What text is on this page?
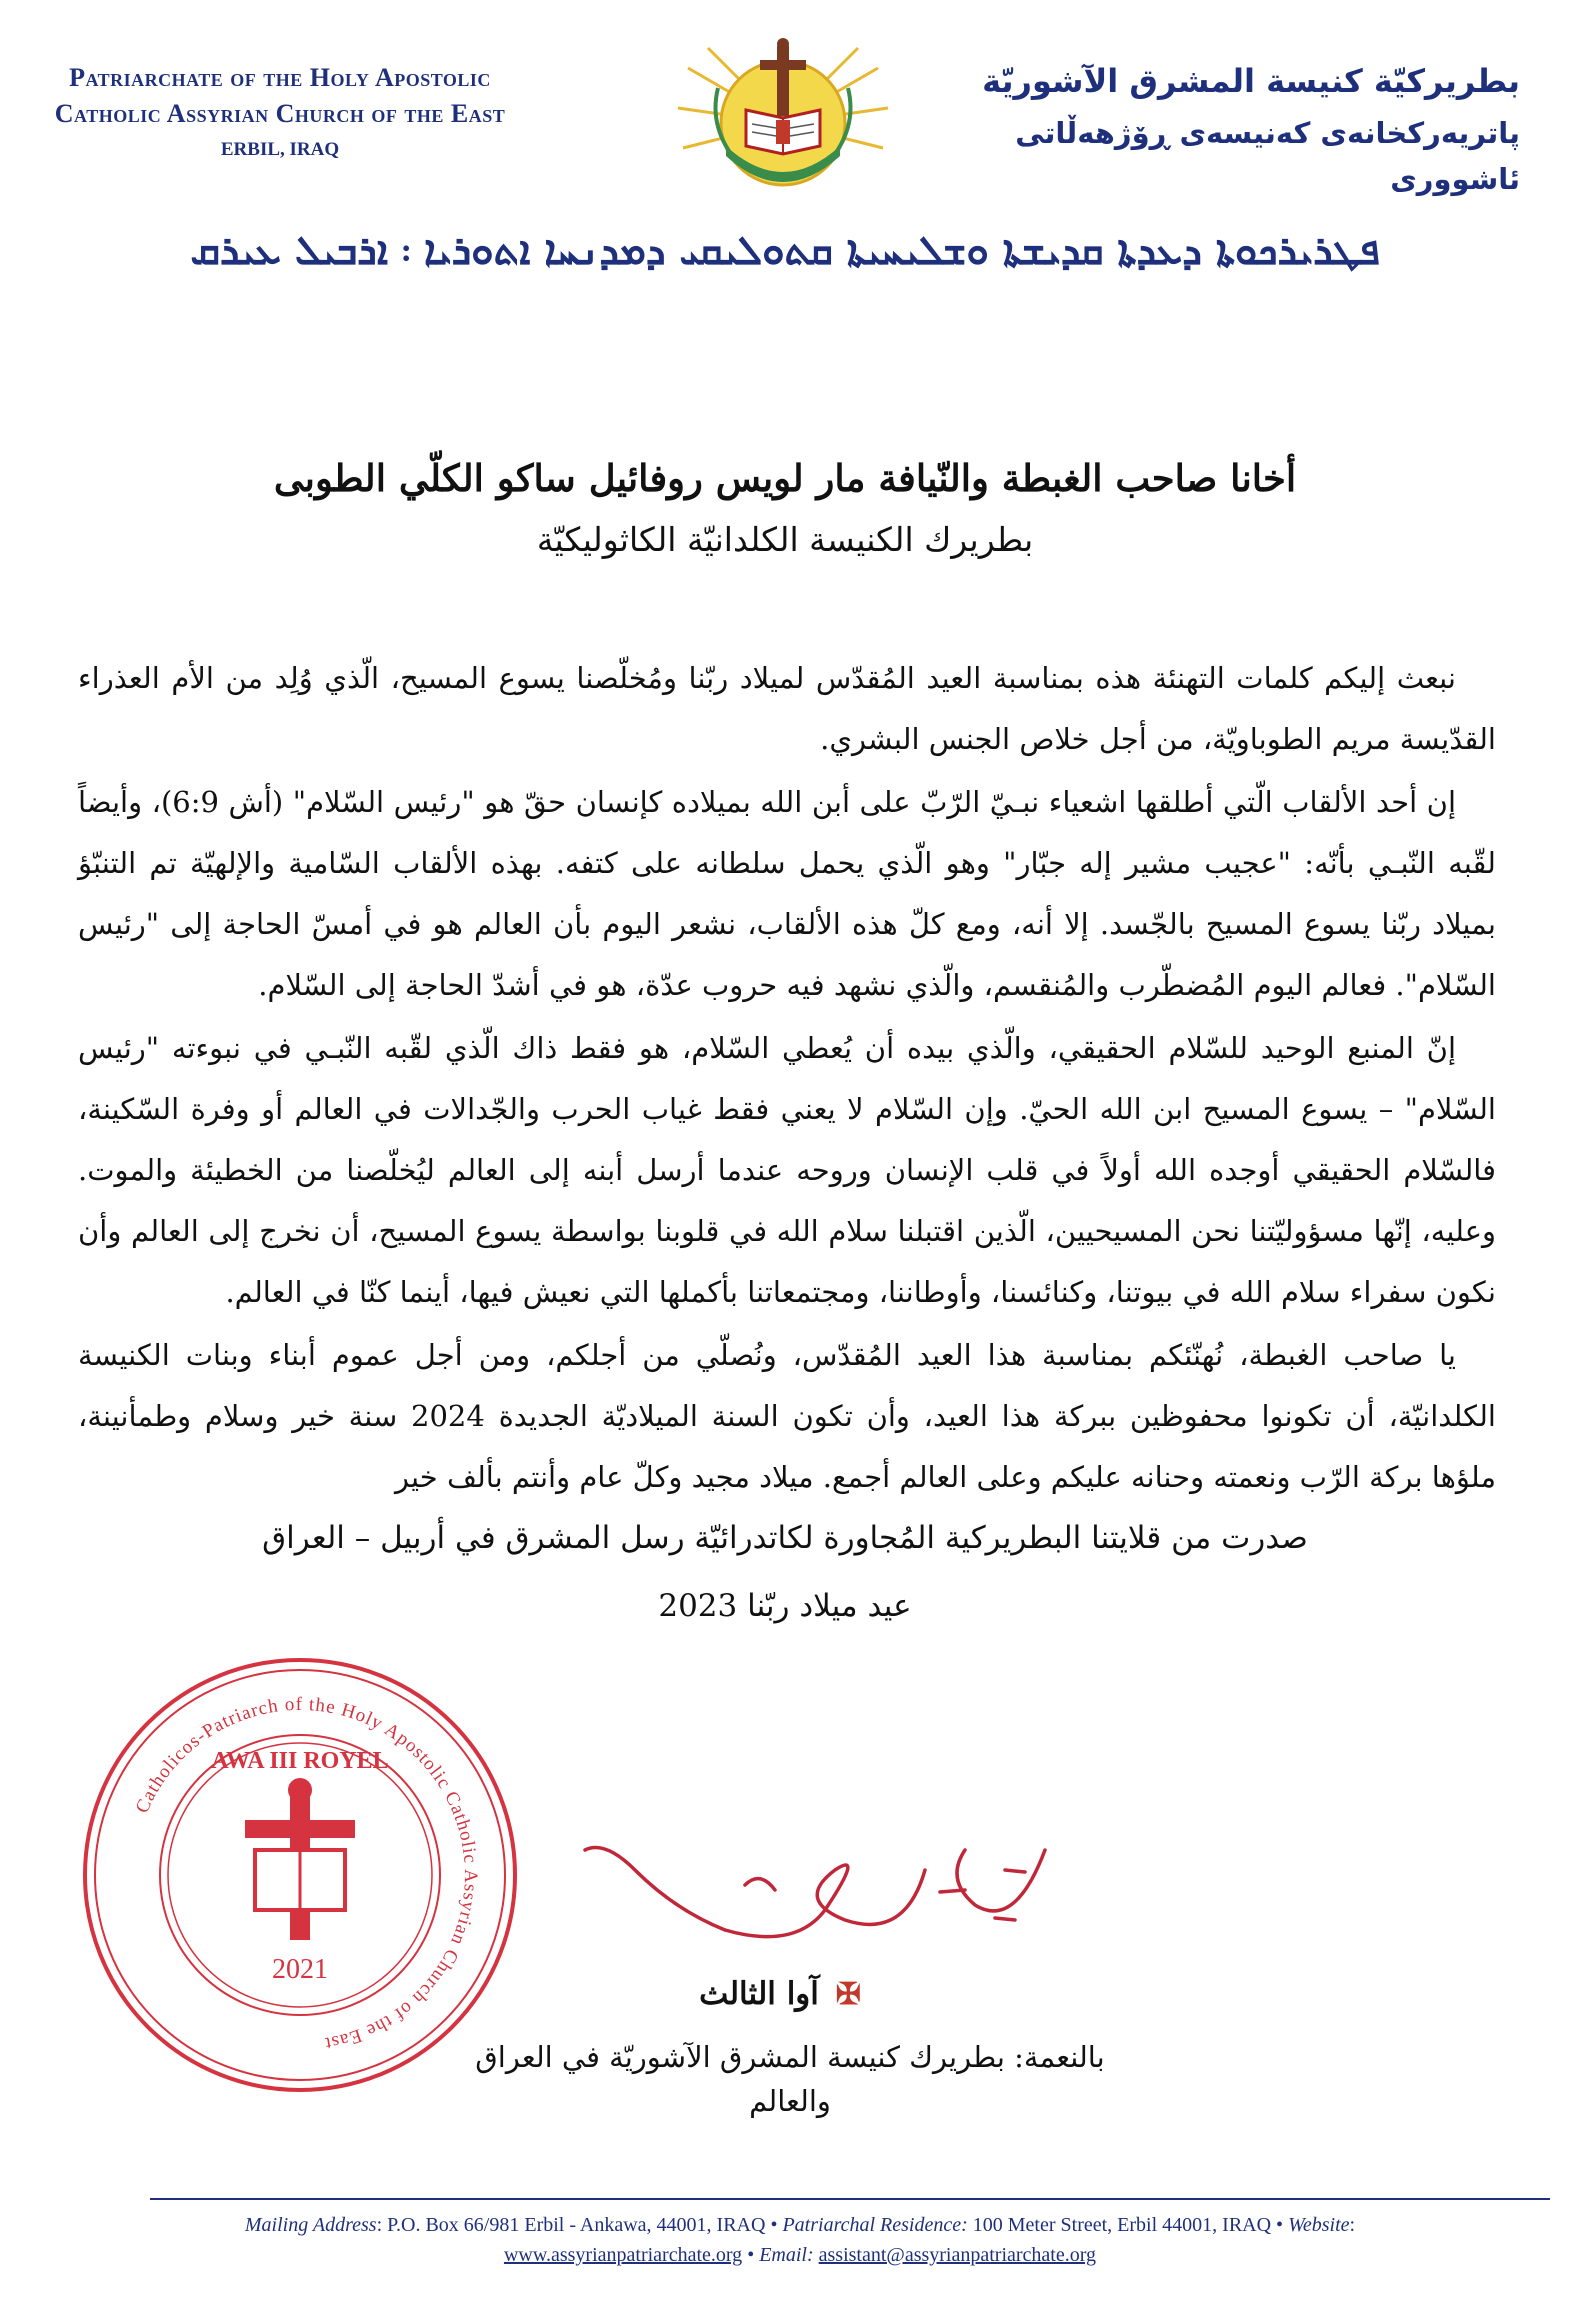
Patriarchate of the Holy Apostolic
Catholic Assyrian Church of the East
ERBIL, IRAQ
بطريركيّة كنيسة المشرق الآشوريّة
پاتريەرکخانەی کەنیسەی ڕۆژهەڵاتی ئاشووری
ܦܛܪܝܪܟܘܬܐ ܕܥܕܬܐ ܩܕܝܫܬܐ ܘܫܠܝܚܝܬܐ ܩܬܘܠܝܩܝ ܕܡܕܢܚܐ ܐܬܘܪܝܐ ܃ ܐܪܒܝܠ ܥܝܪܩ
أخانا صاحب الغبطة والنّيافة مار لويس روفائيل ساكو الكلّي الطوبى
بطريرك الكنيسة الكلدانيّة الكاثوليكيّة

نبعث إليكم كلمات التهنئة هذه بمناسبة العيد المُقدّس لميلاد ربّنا ومُخلّصنا يسوع المسيح، الّذي وُلِد من الأم العذراء القدّيسة مريم الطوباويّة، من أجل خلاص الجنس البشري.

إن أحد الألقاب الّتي أطلقها اشعياء نبـيّ الرّبّ على أبن الله بميلاده كإنسان حقّ هو "رئيس السّلام" (أش 6:9)، وأيضاً لقّبه النّبـي بأنّه: "عجيب مشير إله جبّار" وهو الّذي يحمل سلطانه على كتفه. بهذه الألقاب السّامية والإلهيّة تم التنبّؤ بميلاد ربّنا يسوع المسيح بالجّسد. إلا أنه، ومع كلّ هذه الألقاب، نشعر اليوم بأن العالم هو في أمسّ الحاجة إلى "رئيس السّلام". فعالم اليوم المُضطّرب والمُنقسم، والّذي نشهد فيه حروب عدّة، هو في أشدّ الحاجة إلى السّلام.

إنّ المنبع الوحيد للسّلام الحقيقي، والّذي بيده أن يُعطي السّلام، هو فقط ذاك الّذي لقّبه النّبـي في نبوءته "رئيس السّلام" – يسوع المسيح ابن الله الحيّ. وإن السّلام لا يعني فقط غياب الحرب والجّدالات في العالم أو وفرة السّكينة، فالسّلام الحقيقي أوجده الله أولاً في قلب الإنسان وروحه عندما أرسل أبنه إلى العالم ليُخلّصنا من الخطيئة والموت. وعليه، إنّها مسؤوليّتنا نحن المسيحيين، الّذين اقتبلنا سلام الله في قلوبنا بواسطة يسوع المسيح، أن نخرج إلى العالم وأن نكون سفراء سلام الله في بيوتنا، وكنائسنا، وأوطاننا، ومجتمعاتنا بأكملها التي نعيش فيها، أينما كنّا في العالم.

يا صاحب الغبطة، نُهنّئكم بمناسبة هذا العيد المُقدّس، ونُصلّي من أجلكم، ومن أجل عموم أبناء وبنات الكنيسة الكلدانيّة، أن تكونوا محفوظين ببركة هذا العيد، وأن تكون السنة الميلاديّة الجديدة 2024 سنة خير وسلام وطمأنينة، ملؤها بركة الرّب ونعمته وحنانه عليكم وعلى العالم أجمع. ميلاد مجيد وكلّ عام وأنتم بألف خير

صدرت من قلايتنا البطريركية المُجاورة لكاتدرائيّة رسل المشرق في أربيل – العراق
عيد ميلاد ربّنا 2023
Catholicos-Patriarch of the Holy Apostolic Catholic Assyrian Church of the East
AWA III ROYEL
2021
✠ آوا الثالث
بالنعمة: بطريرك كنيسة المشرق الآشوريّة في العراق والعالم
Mailing Address: P.O. Box 66/981 Erbil - Ankawa, 44001, IRAQ • Patriarchal Residence: 100 Meter Street, Erbil 44001, IRAQ • Website:
www.assyrianpatriarchate.org • Email: assistant@assyrianpatriarchate.org
